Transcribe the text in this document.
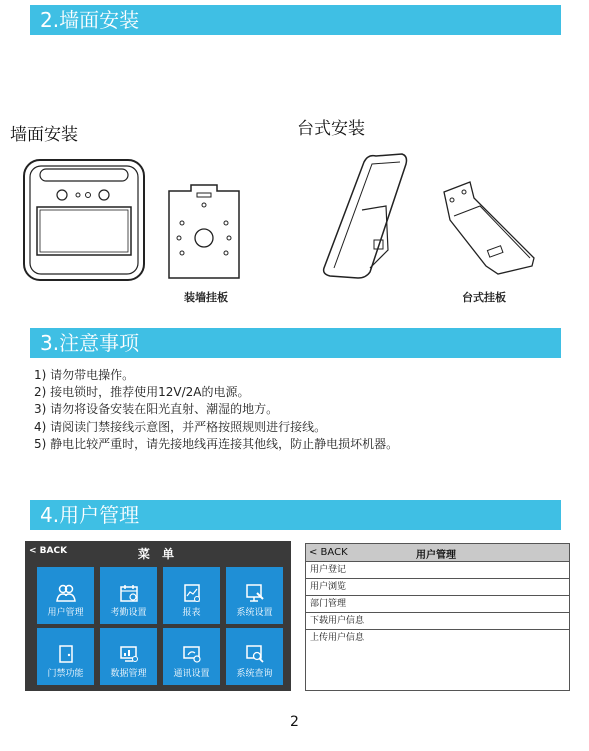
2.墙面安装
墙面安装	台式安装
装墙挂板	台式挂板
3.注意事项
1) 请勿带电操作。
2) 接电锁时，推荐使用12V/2A的电源。
3) 请勿将设备安装在阳光直射、潮湿的地方。
4) 请阅读门禁接线示意图，并严格按照规则进行接线。
5) 静电比较严重时，请先接地线再连接其他线，防止静电损坏机器。
4.用户管理
< BACK	菜 单
用户管理	考勤设置	报表	系统设置
门禁功能	数据管理	通讯设置	系统查询
< BACK	用户管理
用户登记
用户浏览
部门管理
下载用户信息
上传用户信息
2
